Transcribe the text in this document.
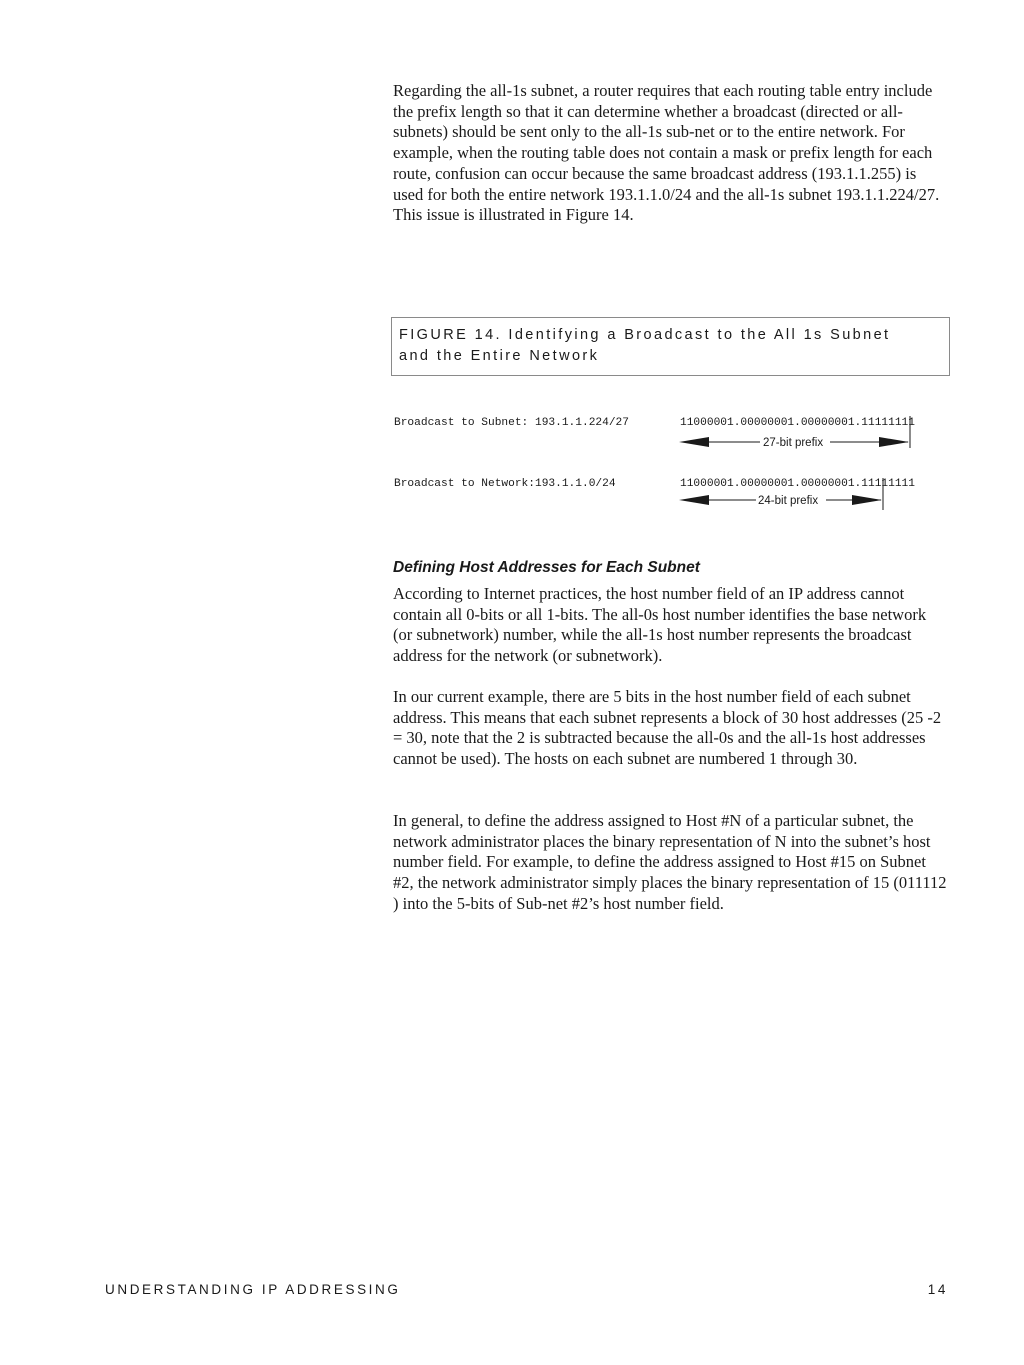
Regarding the all-1s subnet, a router requires that each routing table entry include the prefix length so that it can determine whether a broadcast (directed or all-subnets) should be sent only to the all-1s sub-net or to the entire network. For example, when the routing table does not contain a mask or prefix length for each route, confusion can occur because the same broadcast address (193.1.1.255) is used for both the entire network 193.1.1.0/24 and the all-1s subnet 193.1.1.224/27. This issue is illustrated in Figure 14.

FIGURE 14. Identifying a Broadcast to the All 1s Subnet
and the Entire Network
Broadcast to Subnet: 193.1.1.224/27	11000001.00000001.00000001.11111111
27-bit prefix
Broadcast to Network:193.1.1.0/24	11000001.00000001.00000001.11111111
24-bit prefix
Defining Host Addresses for Each Subnet

According to Internet practices, the host number field of an IP address cannot contain all 0-bits or all 1-bits. The all-0s host number identifies the base network (or subnetwork) number, while the all-1s host number represents the broadcast address for the network (or subnetwork).

In our current example, there are 5 bits in the host number field of each subnet address. This means that each subnet represents a block of 30 host addresses (25 -2 = 30, note that the 2 is subtracted because the all-0s and the all-1s host addresses cannot be used). The hosts on each subnet are numbered 1 through 30.

In general, to define the address assigned to Host #N of a particular subnet, the network administrator places the binary representation of N into the subnet’s host number field. For example, to define the address assigned to Host #15 on Subnet #2, the network administrator simply places the binary representation of 15 (011112 ) into the 5-bits of Sub-net #2’s host number field.

UNDERSTANDING IP ADDRESSING	14
